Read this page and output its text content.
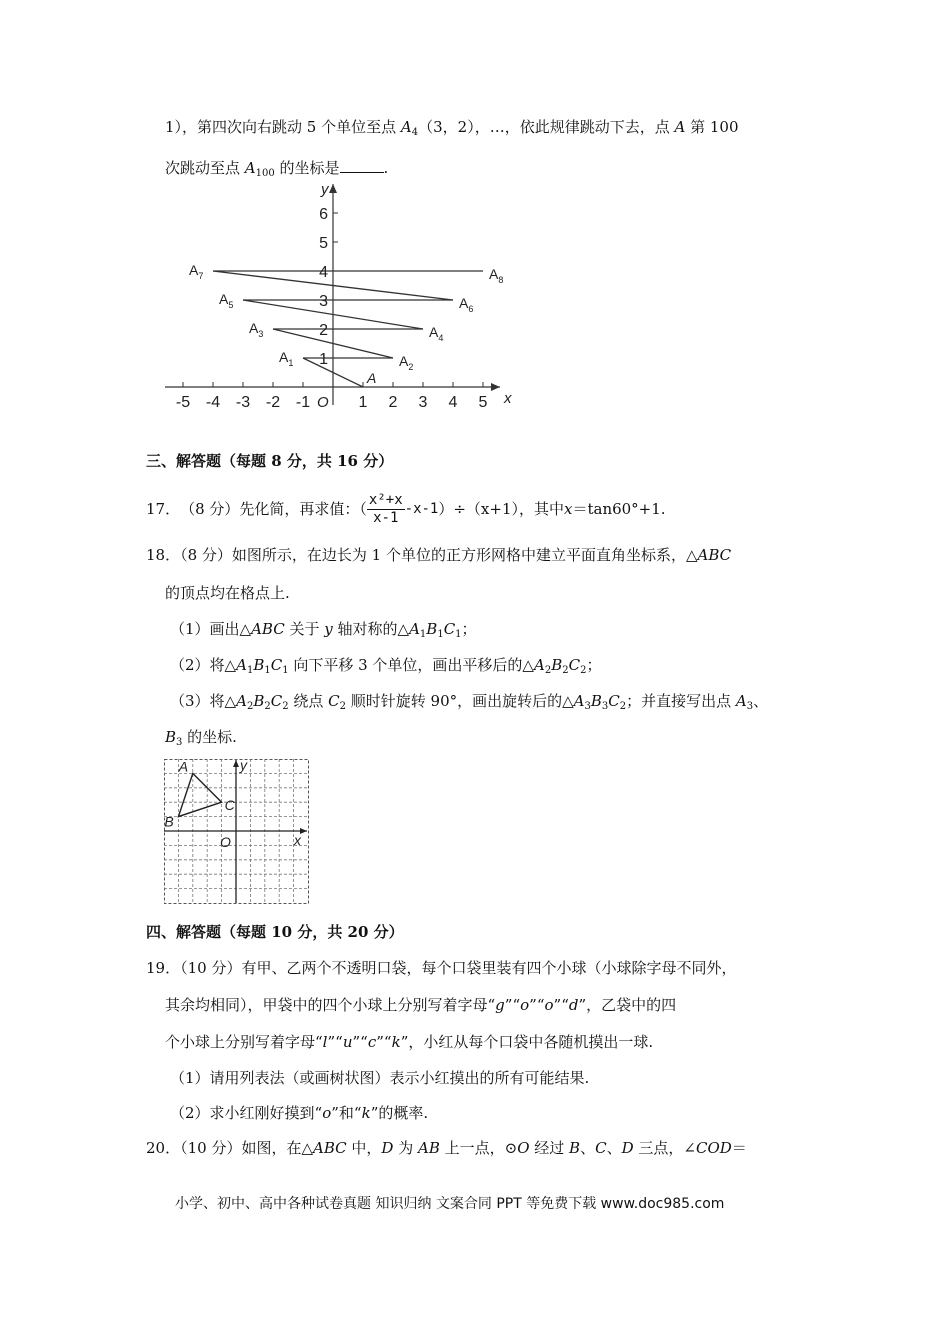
1），第四次向右跳动 5 个单位至点 $A_4(3$，2），…，依此规律跳动下去，点 A 第 100
次跳动至点 $A_{100}$ 的坐标是	.
-5 -4 -3 -2 -1	1 2 3 4 5
1
2
3
4
5
6
O	x
y
A
$A_1$	$A_2$
$A_3$	$A_4$
$A_5$	$A_6$
$A_7$	$A_8$
三、解答题（每题 8 分，共 16 分）
17． （8 分）先化简，再求值：（ $\frac{\text{x²+x}}{x-1} -x-1$ ）÷（x+1），其中 x ＝tan60°+1.
18．（8 分）如图所示，在边长为 1 个单位的正方形网格中建立平面直角坐标系，△ABC
的顶点均在格点上.
（1）画出△ABC 关于 y 轴对称的$\triangle A_1B_1C_1$；
（2）将$\triangle A_1B_1C_1$ 向下平移 3 个单位，画出平移后的$\triangle A_2B_2C_2$；
（3）将$\triangle A_2B_2C_2$ 绕点 $C_2$ 顺时针旋转 90°，画出旋转后的$\triangle A_3B_3C_2$；并直接写出点 $A_3$、
$B_3$ 的坐标.
A
B
C
O	x
y
四、解答题（每题 10 分，共 20 分）
19．（10 分）有甲、乙两个不透明口袋，每个口袋里装有四个小球（小球除字母不同外，
其余均相同），甲袋中的四个小球上分别写着字母“g”“o”“o”“d”，乙袋中的四
个小球上分别写着字母“l”“u”“c”“k”，小红从每个口袋中各随机摸出一球.
（1）请用列表法（或画树状图）表示小红摸出的所有可能结果.
（2）求小红刚好摸到“o”和“k”的概率.
20．（10 分）如图，在△ABC 中，D 为 AB 上一点，⊙O 经过 B、C、D 三点，∠COD＝
小学、初中、高中各种试卷真题 知识归纳 文案合同 PPT 等免费下载 www.doc985.com
